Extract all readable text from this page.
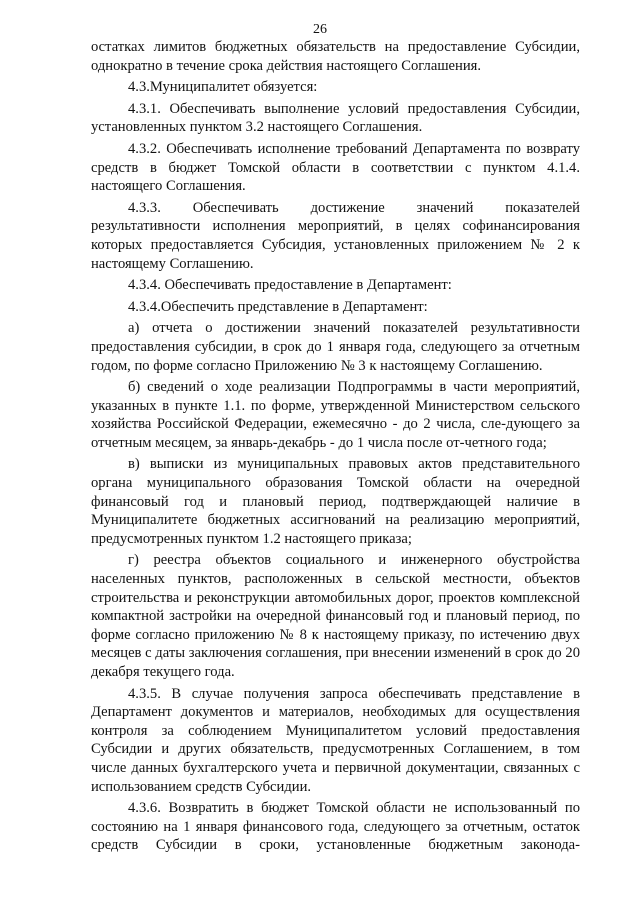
26

остатках лимитов бюджетных обязательств на предоставление Субсидии, однократно в течение срока действия настоящего Соглашения.

4.3.Муниципалитет обязуется:

4.3.1. Обеспечивать выполнение условий предоставления Субсидии, установленных пунктом 3.2 настоящего Соглашения.

4.3.2. Обеспечивать исполнение требований Департамента по возврату средств в бюджет Томской области в соответствии с пунктом 4.1.4. настоящего Соглашения.

4.3.3. Обеспечивать достижение значений показателей результативности исполнения мероприятий, в целях софинансирования которых предоставляется Субсидия, установленных приложением № 2 к настоящему Соглашению.

4.3.4. Обеспечивать предоставление в Департамент:

4.3.4.Обеспечить представление в Департамент:

а) отчета о достижении значений показателей результативности предоставления субсидии, в срок до 1 января года, следующего за отчетным годом, по форме согласно Приложению № 3 к настоящему Соглашению.

б) сведений о ходе реализации Подпрограммы в части мероприятий, указанных в пункте 1.1. по форме, утвержденной Министерством сельского хозяйства Российской Федерации, ежемесячно - до 2 числа, сле-дующего за отчетным месяцем, за январь-декабрь - до 1 числа после от-четного года;

в) выписки из муниципальных правовых актов представительного органа муниципального образования Томской области на очередной финансовый год и плановый период, подтверждающей наличие в Муниципалитете бюджетных ассигнований на реализацию мероприятий, предусмотренных пунктом 1.2 настоящего приказа;

г) реестра объектов социального и инженерного обустройства населенных пунктов, расположенных в сельской местности, объектов строительства и реконструкции автомобильных дорог, проектов комплексной компактной застройки на очередной финансовый год и плановый период, по форме согласно приложению № 8 к настоящему приказу, по истечению двух месяцев с даты заключения соглашения, при внесении изменений в срок до 20 декабря текущего года.

4.3.5. В случае получения запроса обеспечивать представление в Департамент документов и материалов, необходимых для осуществления контроля за соблюдением Муниципалитетом условий предоставления Субсидии и других обязательств, предусмотренных Соглашением, в том числе данных бухгалтерского учета и первичной документации, связанных с использованием средств Субсидии.

4.3.6. Возвратить в бюджет Томской области не использованный по состоянию на 1 января финансового года, следующего за отчетным, остаток средств Субсидии в сроки, установленные бюджетным законода-
